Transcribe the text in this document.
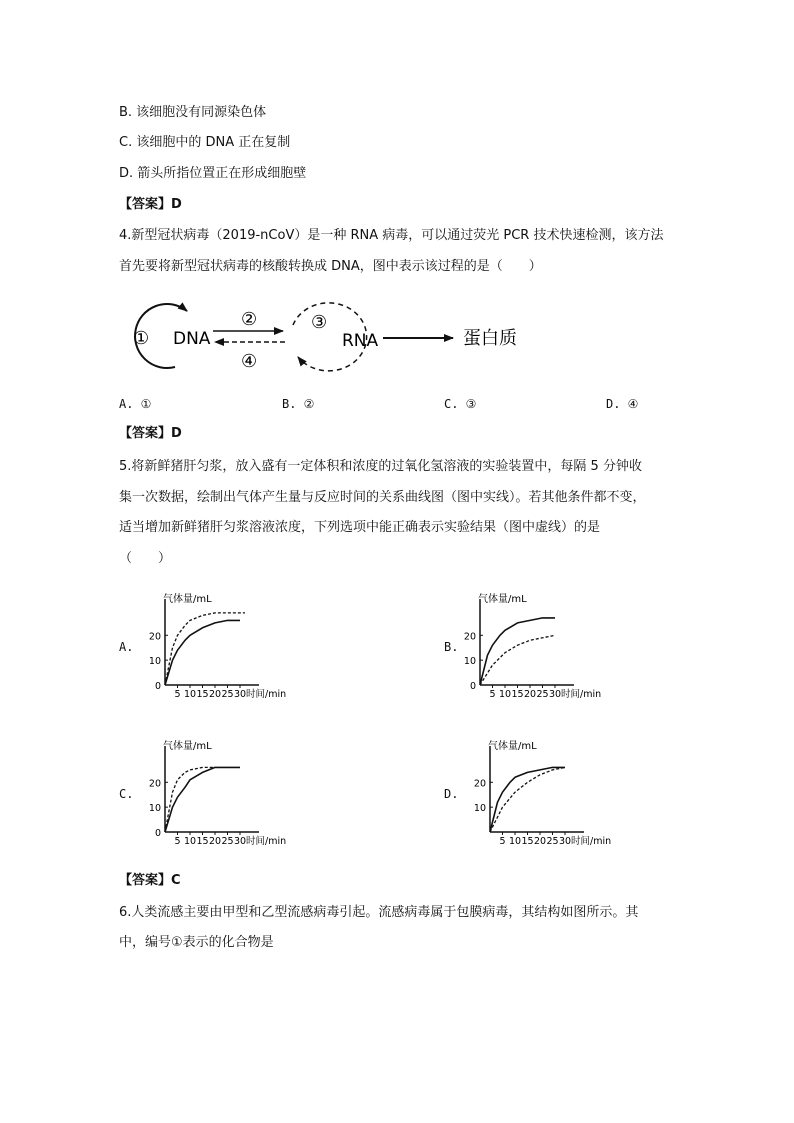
B. 该细胞没有同源染色体
C. 该细胞中的 DNA 正在复制
D. 箭头所指位置正在形成细胞壁
【答案】D
4.新型冠状病毒（2019-nCoV）是一种 RNA 病毒，可以通过荧光 PCR 技术快速检测，该方法
首先要将新型冠状病毒的核酸转换成 DNA，图中表示该过程的是（　　）
① DNA
②
④
③
RNA	蛋白质
A. ①	B. ②	C. ③	D. ④
【答案】D
5.将新鲜猪肝匀浆，放入盛有一定体积和浓度的过氧化氢溶液的实验装置中，每隔 5 分钟收
集一次数据，绘制出气体产生量与反应时间的关系曲线图（图中实线）。若其他条件都不变，
适当增加新鲜猪肝匀浆溶液浓度，下列选项中能正确表示实验结果（图中虚线）的是
（　　）
A.	B.
C.	D.
气体量/mL
5 10 15 20 25 30 时间/min
0
10
20
气体量/mL
5 10 15 20 25 30 时间/min
0
10
20
气体量/mL
5 10 15 20 25 30 时间/min
0
10
20
气体量/mL
5 10 15 20 25 30 时间/min
10
20
【答案】C
6.人类流感主要由甲型和乙型流感病毒引起。流感病毒属于包膜病毒，其结构如图所示。其
中，编号①表示的化合物是
